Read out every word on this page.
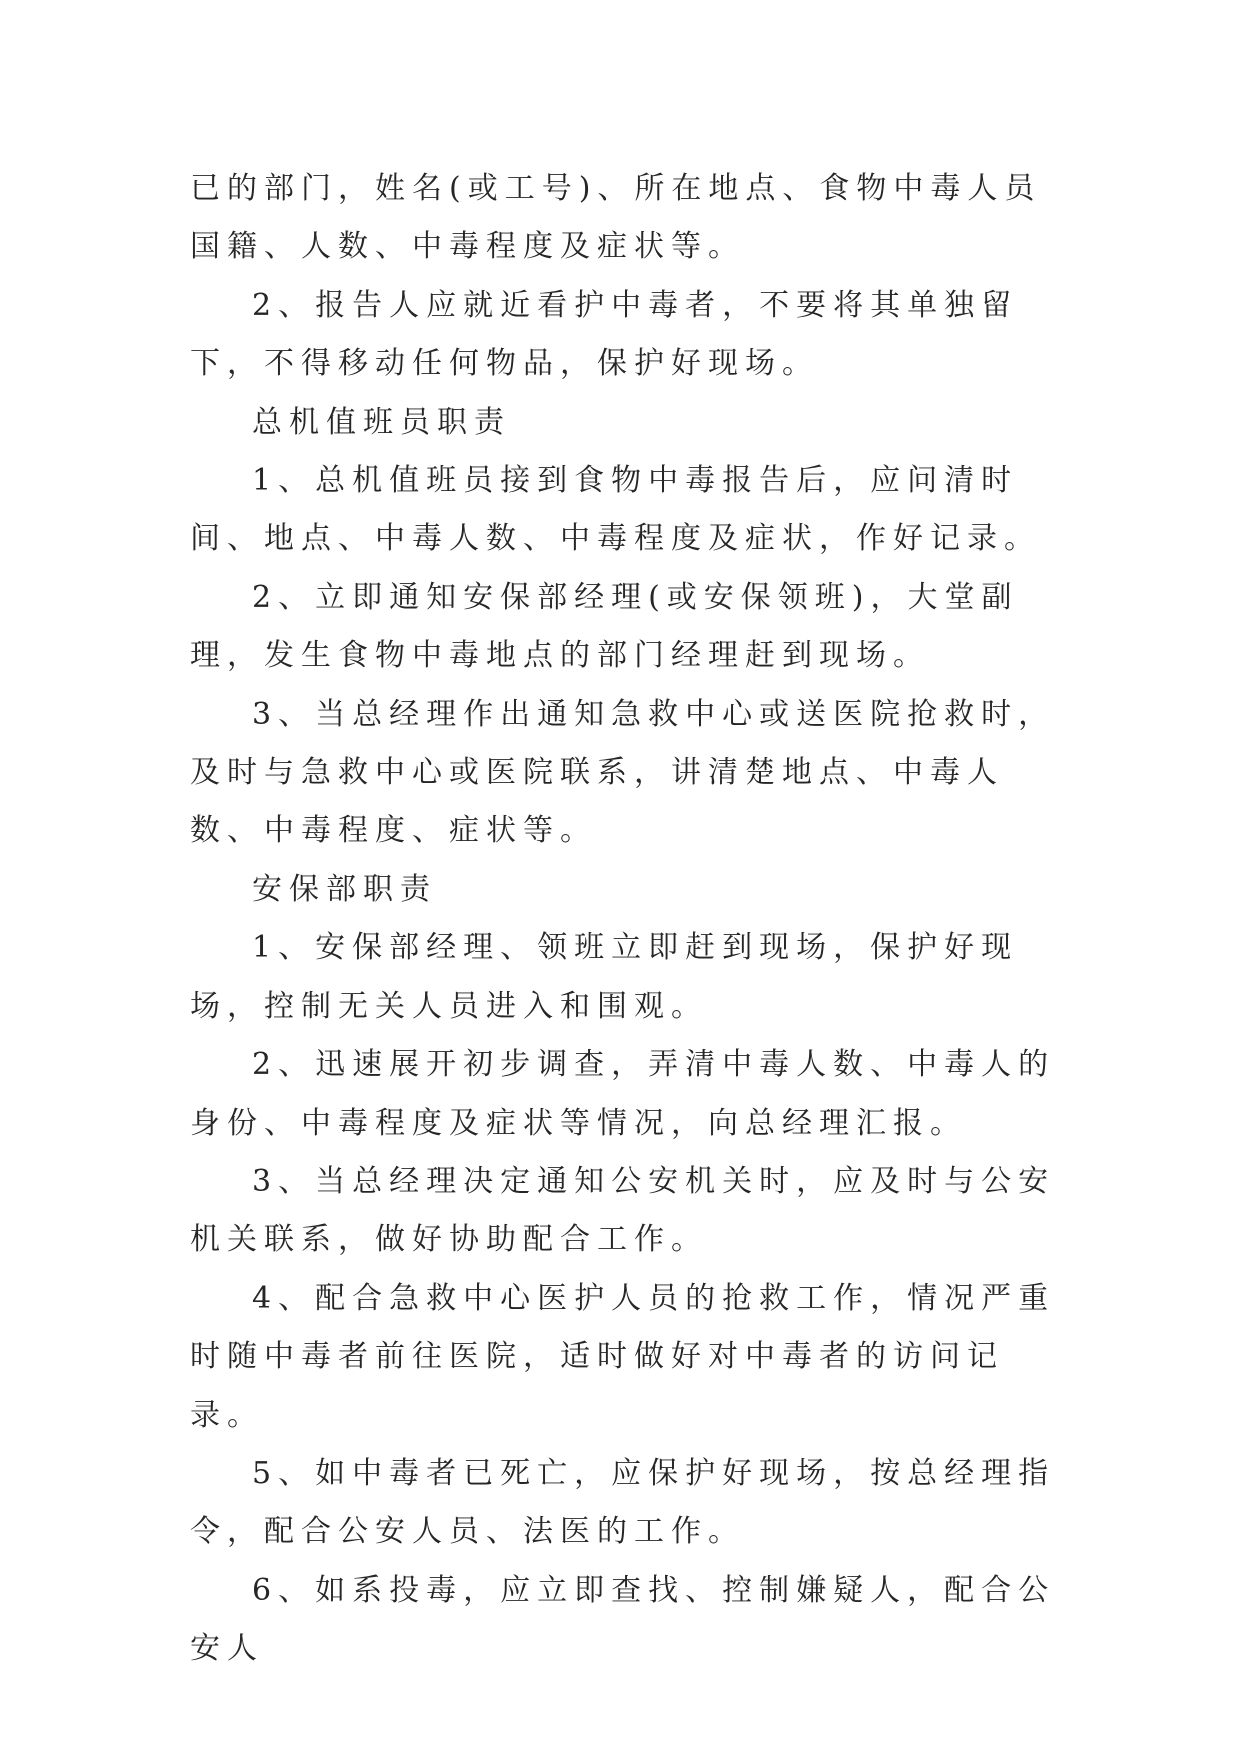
已的部门，姓名(或工号)、所在地点、食物中毒人员国籍、人数、中毒程度及症状等。

2、报告人应就近看护中毒者，不要将其单独留下，不得移动任何物品，保护好现场。

总机值班员职责

1、总机值班员接到食物中毒报告后，应问清时间、地点、中毒人数、中毒程度及症状，作好记录。

2、立即通知安保部经理(或安保领班)，大堂副理，发生食物中毒地点的部门经理赶到现场。

3、当总经理作出通知急救中心或送医院抢救时，及时与急救中心或医院联系，讲清楚地点、中毒人数、中毒程度、症状等。

安保部职责

1、安保部经理、领班立即赶到现场，保护好现场，控制无关人员进入和围观。

2、迅速展开初步调查，弄清中毒人数、中毒人的身份、中毒程度及症状等情况，向总经理汇报。

3、当总经理决定通知公安机关时，应及时与公安机关联系，做好协助配合工作。

4、配合急救中心医护人员的抢救工作，情况严重时随中毒者前往医院，适时做好对中毒者的访问记录。

5、如中毒者已死亡，应保护好现场，按总经理指令，配合公安人员、法医的工作。

6、如系投毒，应立即查找、控制嫌疑人，配合公安人
